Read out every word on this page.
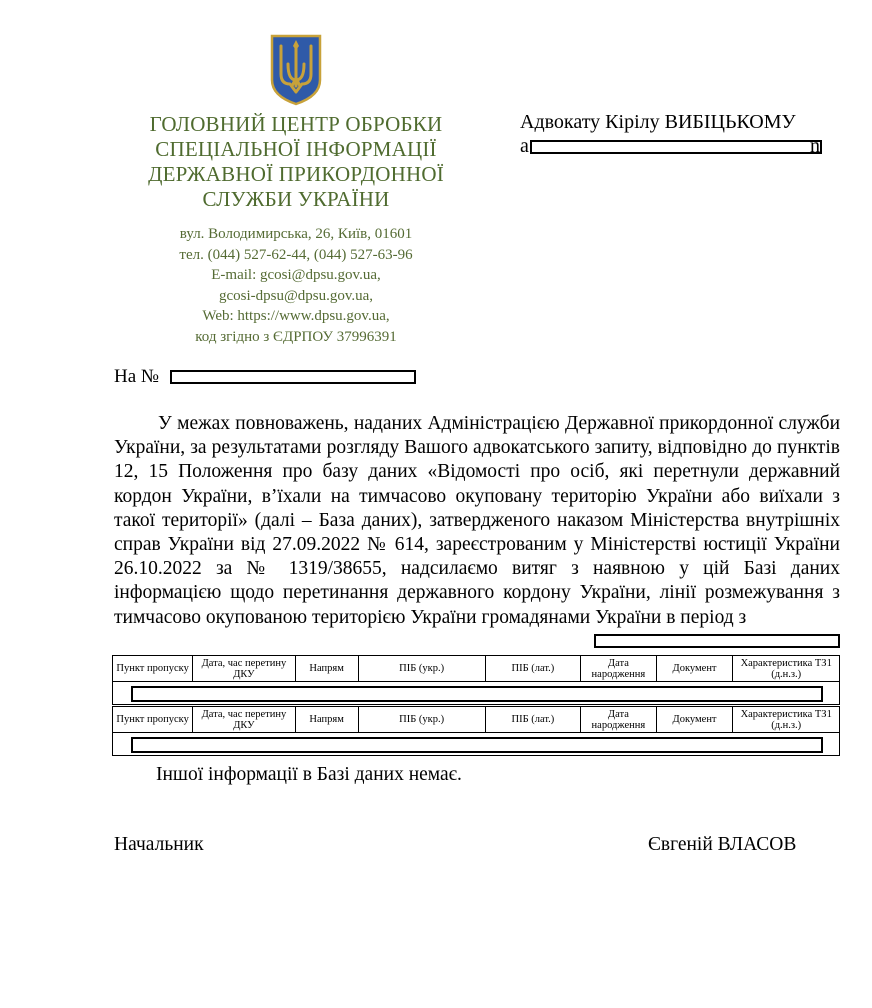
ГОЛОВНИЙ ЦЕНТР ОБРОБКИ
СПЕЦІАЛЬНОЇ ІНФОРМАЦІЇ
ДЕРЖАВНОЇ ПРИКОРДОННОЇ
СЛУЖБИ УКРАЇНИ
вул. Володимирська, 26, Київ, 01601
тел. (044) 527-62-44, (044) 527-63-96
E-mail: gcosi@dpsu.gov.ua,
gcosi-dpsu@dpsu.gov.ua,
Web: https://www.dpsu.gov.ua,
код згідно з ЄДРПОУ 37996391
Адвокату Кірілу ВИБІЦЬКОМУ
а	n
На №

У межах повноважень, наданих Адміністрацією Державної прикордонної служби України, за результатами розгляду Вашого адвокатського запиту, відповідно до пунктів 12, 15 Положення про базу даних «Відомості про осіб, які перетнули державний кордон України, в’їхали на тимчасово окуповану територію України або виїхали з такої території» (далі – База даних), затвердженого наказом Міністерства внутрішніх справ України від 27.09.2022 № 614, зареєстрованим у Міністерстві юстиції України 26.10.2022 за № 1319/38655, надсилаємо витяг з наявною у цій Базі даних інформацією щодо перетинання державного кордону України, лінії розмежування з тимчасово окупованою територією України громадянами України в період з

Пункт пропуску	Дата, час перетину ДКУ	Напрям	ПІБ (укр.)	ПІБ (лат.)	Дата народження	Документ	Характеристика ТЗ1 (д.н.з.)

Пункт пропуску	Дата, час перетину ДКУ	Напрям	ПІБ (укр.)	ПІБ (лат.)	Дата народження	Документ	Характеристика ТЗ1 (д.н.з.)

Іншої інформації в Базі даних немає.
Начальник	Євгеній ВЛАСОВ
